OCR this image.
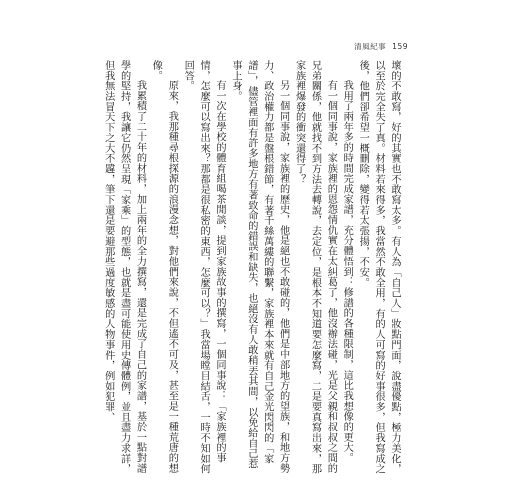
清風紀事 159

壞的不敢寫，好的其實也不敢寫太多。有人為「自己人」妝點門面，說盡優點，極力美化，以至於完全失了真。材料若來得多，我當然不敢全用，有的人可寫的好事很多，但我寫成之後，他們卻希望一概刪除，變得若太張揚，不安。

我用了兩年多的時間完成家譜，充分體悟到：修譜的各種限制，這比我想像的更大。

有一個同事說，家族裡的恩怨情仇實在太糾葛了，他沒辦法碰，光是父親和叔叔之間的兄弟關係，他就找不到方法去轉說，去定位，是根本不知道要怎麼寫，二是要真寫出來，那家族裡爆發的衝突還得了？

另一個同事說，家族裡的歷史，他是絕也不敢碰的，他們是中部地方的望族，和地方勢力、政治權力都是盤根錯節，有著千絲萬縷的聯繫，家族裡本來就有自己金光閃閃的「家譜」，儘管裡面有許多地方有著致命的錯誤和缺失，也絕沒有人敢稍丟其間，以免給自己惹事上身。

有一次在學校的體育組喝茶閒談，提到家族故事的撰寫，一個同事說：「家族裡的事情，怎麼可以寫出來？那都是很私密的東西，怎麼可以？」我當場瞠目結舌，一時不知如何回答。

原來，我那種尋根探源的浪漫念想，對他們來說，不但遙不可及，甚至是一種荒唐的想像。

我累積了二十年的材料，加上兩年的全力撰寫，還是完成了自己的家譜，基於一點對譜學的堅持，我讓它仍然呈現「家乘」的型態，也就是盡可能使用史傳體例，並且盡力求詳，但我無法冒天下之大不韙，筆下還是要避那些過度敏感的人物事件，例如犯罪、
